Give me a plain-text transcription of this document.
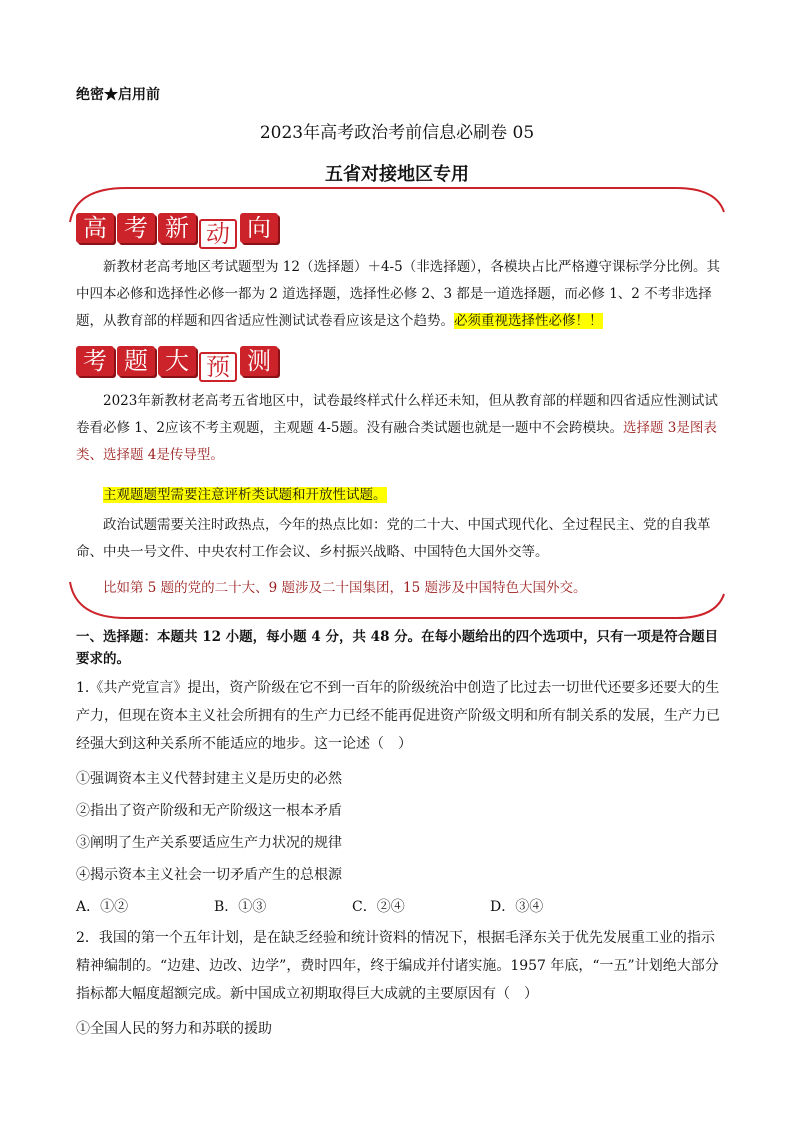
绝密★启用前
2023年高考政治考前信息必刷卷 05
五省对接地区专用
高 考 新 动 向
新教材老高考地区考试题型为 12（选择题）＋4-5（非选择题），各模块占比严格遵守课标学分比例。其中四本必修和选择性必修一都为 2 道选择题，选择性必修 2、3 都是一道选择题，而必修 1、2 不考非选择题，从教育部的样题和四省适应性测试试卷看应该是这个趋势。必须重视选择性必修！！
考 题 大 预 测
2023年新教材老高考五省地区中，试卷最终样式什么样还未知，但从教育部的样题和四省适应性测试试卷看必修 1、2应该不考主观题，主观题 4-5题。没有融合类试题也就是一题中不会跨模块。选择题 3是图表类、选择题 4是传导型。
主观题题型需要注意评析类试题和开放性试题。
政治试题需要关注时政热点，今年的热点比如：党的二十大、中国式现代化、全过程民主、党的自我革命、中央一号文件、中央农村工作会议、乡村振兴战略、中国特色大国外交等。
比如第 5 题的党的二十大、9 题涉及二十国集团，15 题涉及中国特色大国外交。
一、选择题：本题共 12 小题，每小题 4 分，共 48 分。在每小题给出的四个选项中，只有一项是符合题目要求的。
1.《共产党宣言》提出，资产阶级在它不到一百年的阶级统治中创造了比过去一切世代还要多还要大的生产力，但现在资本主义社会所拥有的生产力已经不能再促进资产阶级文明和所有制关系的发展，生产力已经强大到这种关系所不能适应的地步。这一论述（　）
①强调资本主义代替封建主义是历史的必然
②指出了资产阶级和无产阶级这一根本矛盾
③阐明了生产关系要适应生产力状况的规律
④揭示资本主义社会一切矛盾产生的总根源
A．①②	B．①③	C．②④	D．③④
2．我国的第一个五年计划，是在缺乏经验和统计资料的情况下，根据毛泽东关于优先发展重工业的指示精神编制的。“边建、边改、边学”，费时四年，终于编成并付诸实施。1957 年底，“一五”计划绝大部分指标都大幅度超额完成。新中国成立初期取得巨大成就的主要原因有（　）
①全国人民的努力和苏联的援助
